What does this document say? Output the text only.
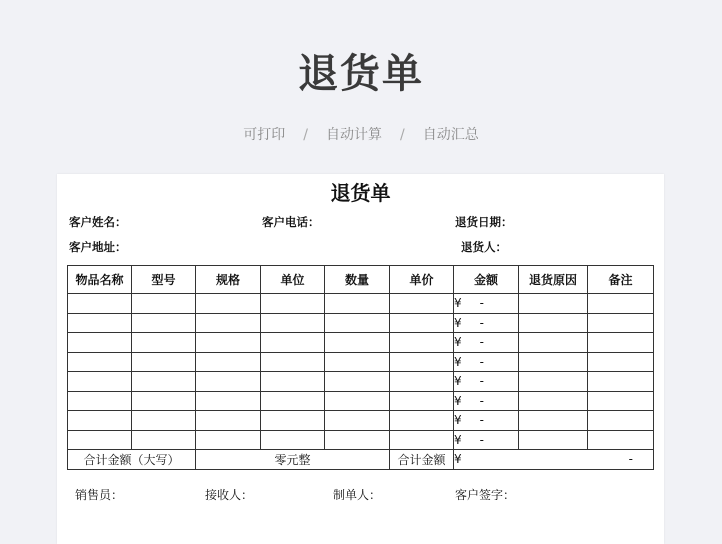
退货单
可打印 / 自动计算 / 自动汇总
退货单
客户姓名：	客户电话：	退货日期：
客户地址：	退货人：
物品名称	型号	规格	单位	数量	单价	金额	退货原因	备注
						¥ -		
						¥ -		
						¥ -		
						¥ -		
						¥ -		
						¥ -		
						¥ -		
						¥ -		
合计金额（大写）		零元整			合计金额	¥ -		
销售员：	接收人：	制单人：	客户签字：
